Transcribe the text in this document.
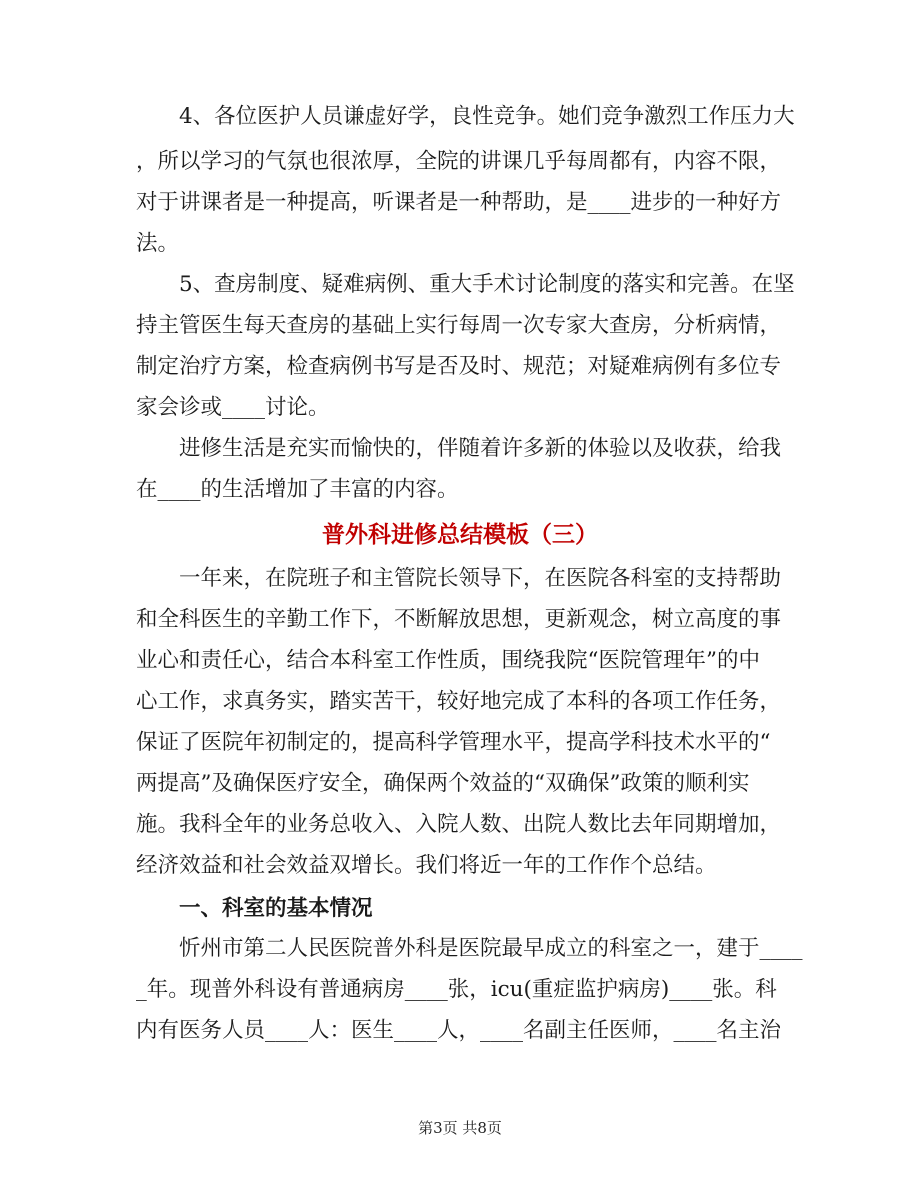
　　4、各位医护人员谦虚好学，良性竞争。她们竞争激烈工作压力大
，所以学习的气氛也很浓厚，全院的讲课几乎每周都有，内容不限，
对于讲课者是一种提高，听课者是一种帮助，是____进步的一种好方
法。
　　5、查房制度、疑难病例、重大手术讨论制度的落实和完善。在坚
持主管医生每天查房的基础上实行每周一次专家大查房，分析病情，
制定治疗方案，检查病例书写是否及时、规范；对疑难病例有多位专
家会诊或____讨论。
　　进修生活是充实而愉快的，伴随着许多新的体验以及收获，给我
在____的生活增加了丰富的内容。
普外科进修总结模板（三）
　　一年来，在院班子和主管院长领导下，在医院各科室的支持帮助
和全科医生的辛勤工作下，不断解放思想，更新观念，树立高度的事
业心和责任心，结合本科室工作性质，围绕我院“医院管理年”的中
心工作，求真务实，踏实苦干，较好地完成了本科的各项工作任务，
保证了医院年初制定的，提高科学管理水平，提高学科技术水平的“
两提高”及确保医疗安全，确保两个效益的“双确保”政策的顺利实
施。我科全年的业务总收入、入院人数、出院人数比去年同期增加，
经济效益和社会效益双增长。我们将近一年的工作作个总结。
　　一、科室的基本情况
　　忻州市第二人民医院普外科是医院最早成立的科室之一，建于____
_年。现普外科设有普通病房____张，icu(重症监护病房)____张。科
内有医务人员____人：医生____人，____名副主任医师，____名主治
第3页 共8页
